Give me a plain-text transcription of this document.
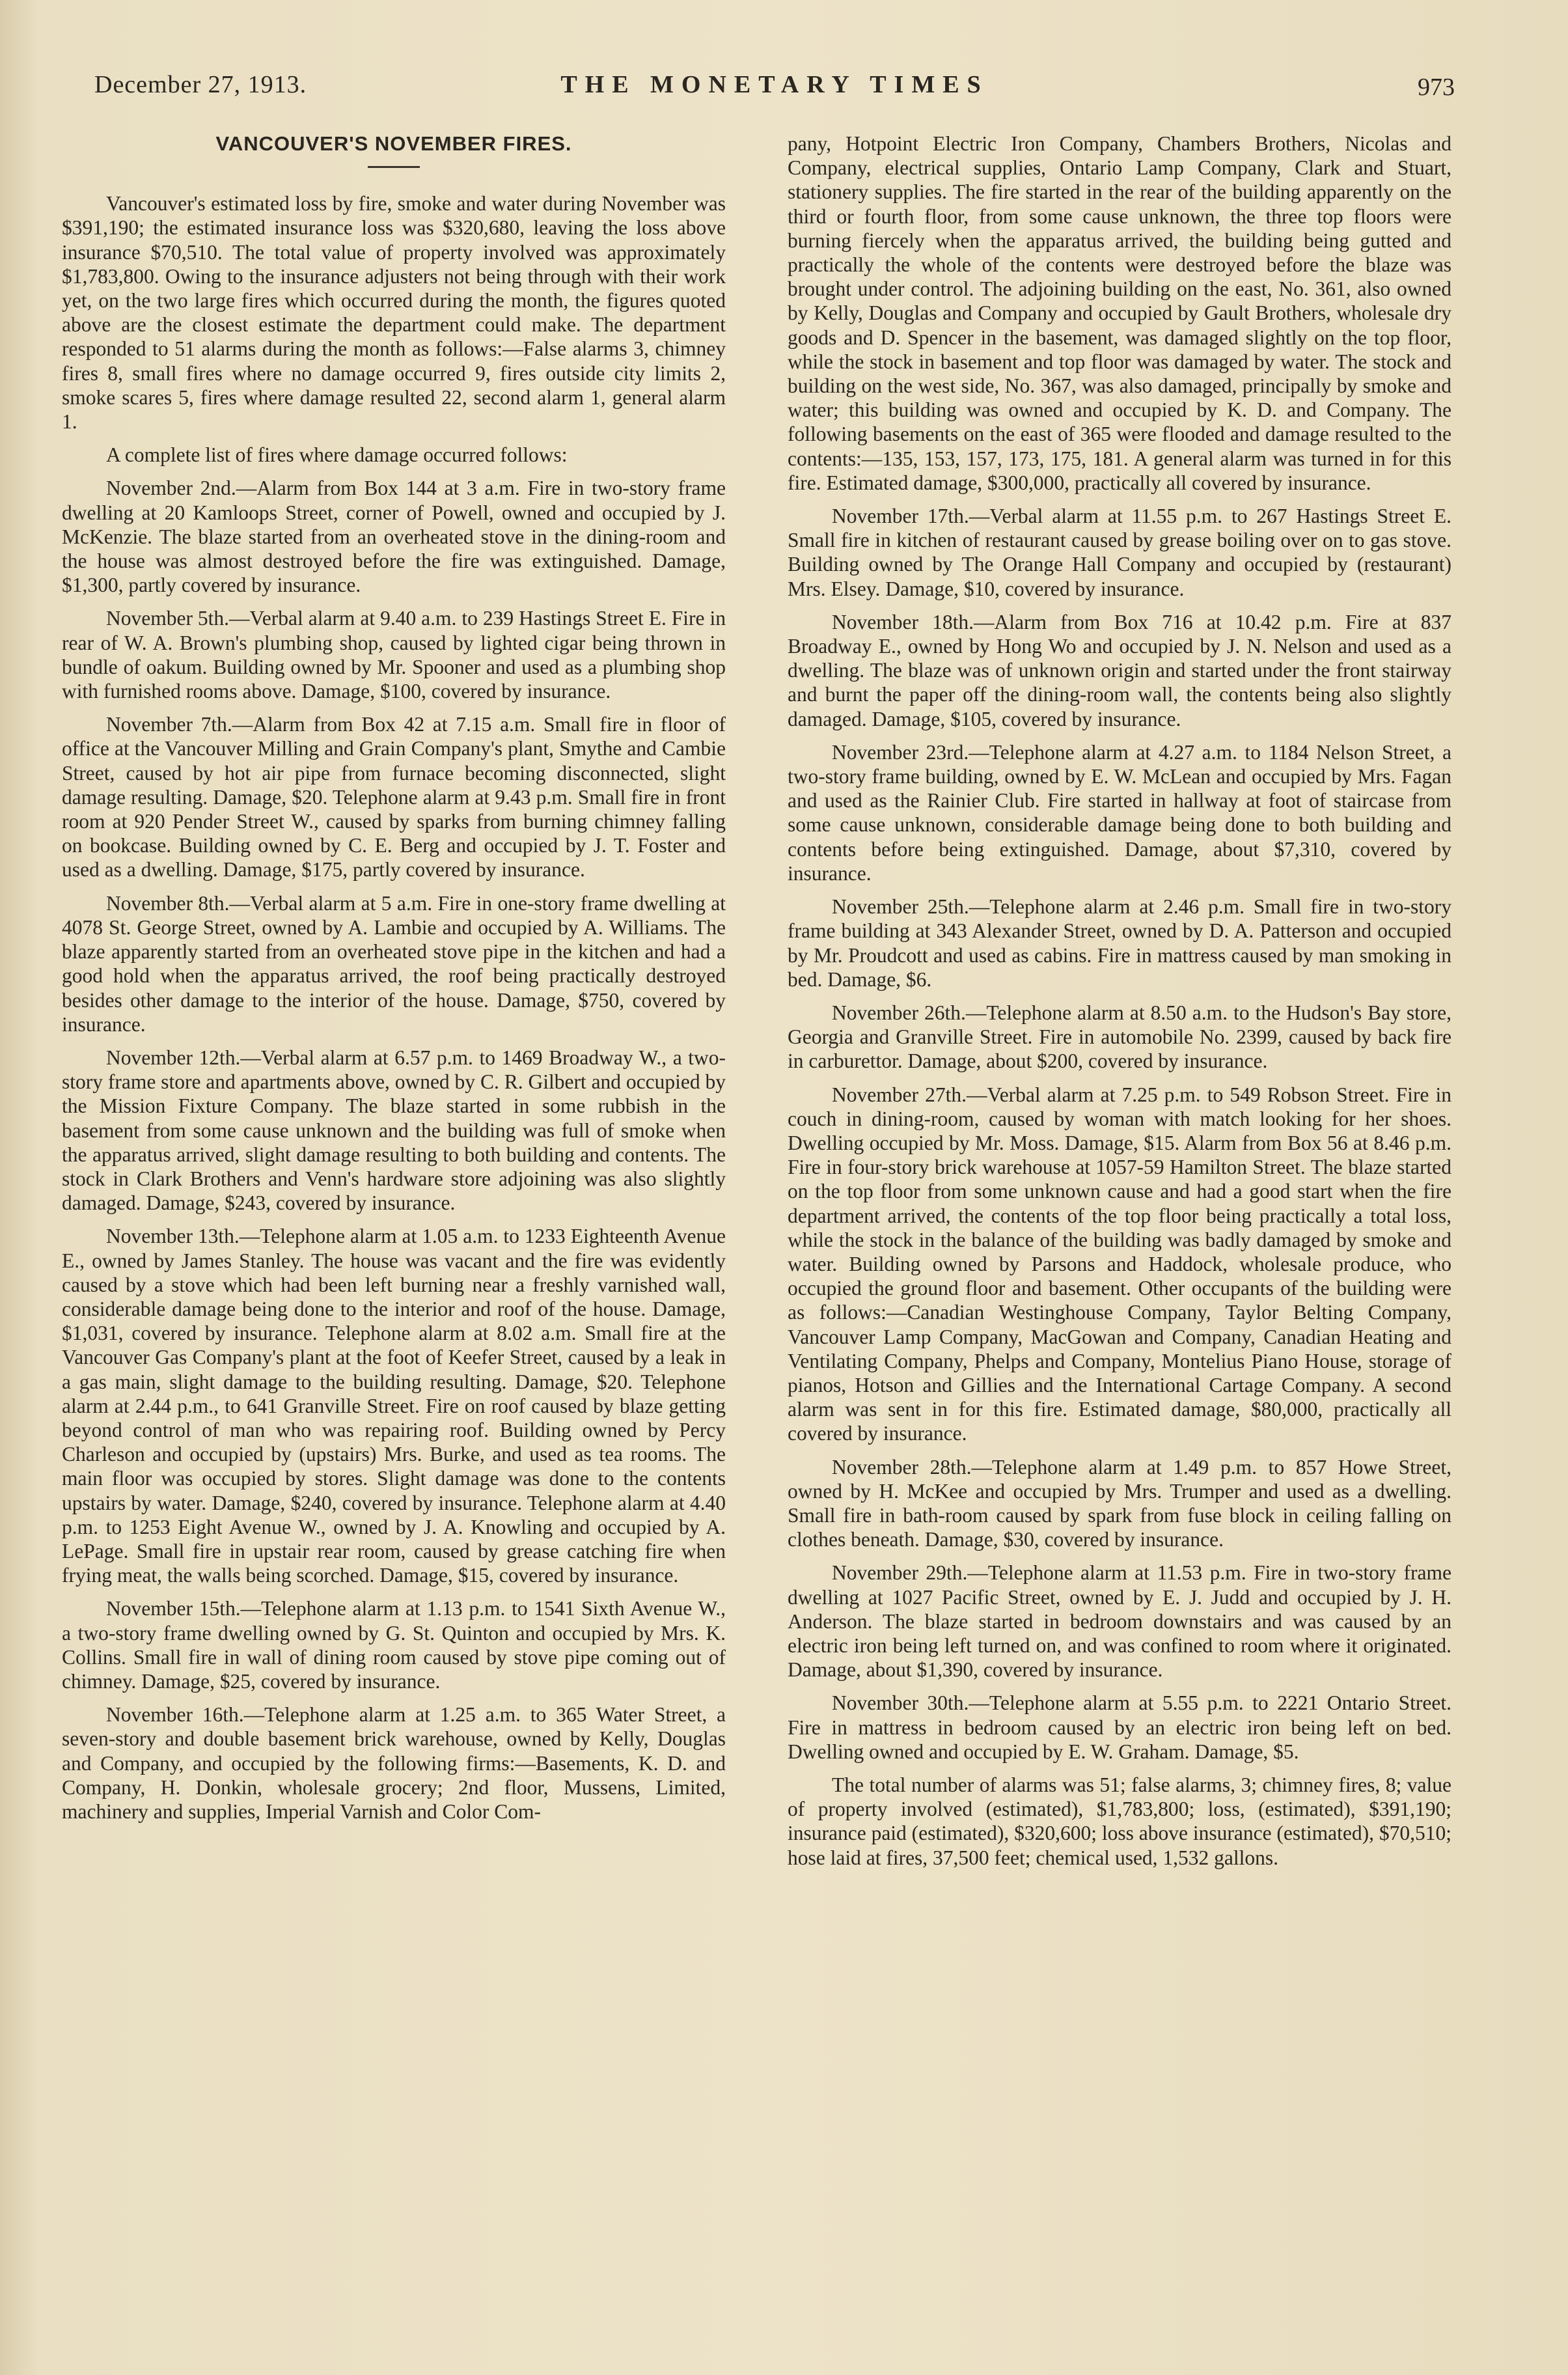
December 27, 1913.	THE MONETARY TIMES	973
VANCOUVER'S NOVEMBER FIRES.

Vancouver's estimated loss by fire, smoke and water during November was $391,190; the estimated insurance loss was $320,680, leaving the loss above insurance $70,510. The total value of property involved was approximately $1,783,800. Owing to the insurance adjusters not being through with their work yet, on the two large fires which occurred during the month, the figures quoted above are the closest estimate the department could make. The department responded to 51 alarms during the month as follows:—False alarms 3, chimney fires 8, small fires where no damage occurred 9, fires outside city limits 2, smoke scares 5, fires where damage resulted 22, second alarm 1, general alarm 1.

A complete list of fires where damage occurred follows:

November 2nd.—Alarm from Box 144 at 3 a.m. Fire in two-story frame dwelling at 20 Kamloops Street, corner of Powell, owned and occupied by J. McKenzie. The blaze started from an overheated stove in the dining-room and the house was almost destroyed before the fire was extinguished. Damage, $1,300, partly covered by insurance.

November 5th.—Verbal alarm at 9.40 a.m. to 239 Hastings Street E. Fire in rear of W. A. Brown's plumbing shop, caused by lighted cigar being thrown in bundle of oakum. Building owned by Mr. Spooner and used as a plumbing shop with furnished rooms above. Damage, $100, covered by insurance.

November 7th.—Alarm from Box 42 at 7.15 a.m. Small fire in floor of office at the Vancouver Milling and Grain Company's plant, Smythe and Cambie Street, caused by hot air pipe from furnace becoming disconnected, slight damage resulting. Damage, $20. Telephone alarm at 9.43 p.m. Small fire in front room at 920 Pender Street W., caused by sparks from burning chimney falling on bookcase. Building owned by C. E. Berg and occupied by J. T. Foster and used as a dwelling. Damage, $175, partly covered by insurance.

November 8th.—Verbal alarm at 5 a.m. Fire in one-story frame dwelling at 4078 St. George Street, owned by A. Lambie and occupied by A. Williams. The blaze apparently started from an overheated stove pipe in the kitchen and had a good hold when the apparatus arrived, the roof being practically destroyed besides other damage to the interior of the house. Damage, $750, covered by insurance.

November 12th.—Verbal alarm at 6.57 p.m. to 1469 Broadway W., a two-story frame store and apartments above, owned by C. R. Gilbert and occupied by the Mission Fixture Company. The blaze started in some rubbish in the basement from some cause unknown and the building was full of smoke when the apparatus arrived, slight damage resulting to both building and contents. The stock in Clark Brothers and Venn's hardware store adjoining was also slightly damaged. Damage, $243, covered by insurance.

November 13th.—Telephone alarm at 1.05 a.m. to 1233 Eighteenth Avenue E., owned by James Stanley. The house was vacant and the fire was evidently caused by a stove which had been left burning near a freshly varnished wall, considerable damage being done to the interior and roof of the house. Damage, $1,031, covered by insurance. Telephone alarm at 8.02 a.m. Small fire at the Vancouver Gas Company's plant at the foot of Keefer Street, caused by a leak in a gas main, slight damage to the building resulting. Damage, $20. Telephone alarm at 2.44 p.m., to 641 Granville Street. Fire on roof caused by blaze getting beyond control of man who was repairing roof. Building owned by Percy Charleson and occupied by (upstairs) Mrs. Burke, and used as tea rooms. The main floor was occupied by stores. Slight damage was done to the contents upstairs by water. Damage, $240, covered by insurance. Telephone alarm at 4.40 p.m. to 1253 Eight Avenue W., owned by J. A. Knowling and occupied by A. LePage. Small fire in upstair rear room, caused by grease catching fire when frying meat, the walls being scorched. Damage, $15, covered by insurance.

November 15th.—Telephone alarm at 1.13 p.m. to 1541 Sixth Avenue W., a two-story frame dwelling owned by G. St. Quinton and occupied by Mrs. K. Collins. Small fire in wall of dining room caused by stove pipe coming out of chimney. Damage, $25, covered by insurance.

November 16th.—Telephone alarm at 1.25 a.m. to 365 Water Street, a seven-story and double basement brick warehouse, owned by Kelly, Douglas and Company, and occupied by the following firms:—Basements, K. D. and Company, H. Donkin, wholesale grocery; 2nd floor, Mussens, Limited, machinery and supplies, Imperial Varnish and Color Com-

pany, Hotpoint Electric Iron Company, Chambers Brothers, Nicolas and Company, electrical supplies, Ontario Lamp Company, Clark and Stuart, stationery supplies. The fire started in the rear of the building apparently on the third or fourth floor, from some cause unknown, the three top floors were burning fiercely when the apparatus arrived, the building being gutted and practically the whole of the contents were destroyed before the blaze was brought under control. The adjoining building on the east, No. 361, also owned by Kelly, Douglas and Company and occupied by Gault Brothers, wholesale dry goods and D. Spencer in the basement, was damaged slightly on the top floor, while the stock in basement and top floor was damaged by water. The stock and building on the west side, No. 367, was also damaged, principally by smoke and water; this building was owned and occupied by K. D. and Company. The following basements on the east of 365 were flooded and damage resulted to the contents:—135, 153, 157, 173, 175, 181. A general alarm was turned in for this fire. Estimated damage, $300,000, practically all covered by insurance.

November 17th.—Verbal alarm at 11.55 p.m. to 267 Hastings Street E. Small fire in kitchen of restaurant caused by grease boiling over on to gas stove. Building owned by The Orange Hall Company and occupied by (restaurant) Mrs. Elsey. Damage, $10, covered by insurance.

November 18th.—Alarm from Box 716 at 10.42 p.m. Fire at 837 Broadway E., owned by Hong Wo and occupied by J. N. Nelson and used as a dwelling. The blaze was of unknown origin and started under the front stairway and burnt the paper off the dining-room wall, the contents being also slightly damaged. Damage, $105, covered by insurance.

November 23rd.—Telephone alarm at 4.27 a.m. to 1184 Nelson Street, a two-story frame building, owned by E. W. McLean and occupied by Mrs. Fagan and used as the Rainier Club. Fire started in hallway at foot of staircase from some cause unknown, considerable damage being done to both building and contents before being extinguished. Damage, about $7,310, covered by insurance.

November 25th.—Telephone alarm at 2.46 p.m. Small fire in two-story frame building at 343 Alexander Street, owned by D. A. Patterson and occupied by Mr. Proudcott and used as cabins. Fire in mattress caused by man smoking in bed. Damage, $6.

November 26th.—Telephone alarm at 8.50 a.m. to the Hudson's Bay store, Georgia and Granville Street. Fire in automobile No. 2399, caused by back fire in carburettor. Damage, about $200, covered by insurance.

November 27th.—Verbal alarm at 7.25 p.m. to 549 Robson Street. Fire in couch in dining-room, caused by woman with match looking for her shoes. Dwelling occupied by Mr. Moss. Damage, $15. Alarm from Box 56 at 8.46 p.m. Fire in four-story brick warehouse at 1057-59 Hamilton Street. The blaze started on the top floor from some unknown cause and had a good start when the fire department arrived, the contents of the top floor being practically a total loss, while the stock in the balance of the building was badly damaged by smoke and water. Building owned by Parsons and Haddock, wholesale produce, who occupied the ground floor and basement. Other occupants of the building were as follows:—Canadian Westinghouse Company, Taylor Belting Company, Vancouver Lamp Company, MacGowan and Company, Canadian Heating and Ventilating Company, Phelps and Company, Montelius Piano House, storage of pianos, Hotson and Gillies and the International Cartage Company. A second alarm was sent in for this fire. Estimated damage, $80,000, practically all covered by insurance.

November 28th.—Telephone alarm at 1.49 p.m. to 857 Howe Street, owned by H. McKee and occupied by Mrs. Trumper and used as a dwelling. Small fire in bath-room caused by spark from fuse block in ceiling falling on clothes beneath. Damage, $30, covered by insurance.

November 29th.—Telephone alarm at 11.53 p.m. Fire in two-story frame dwelling at 1027 Pacific Street, owned by E. J. Judd and occupied by J. H. Anderson. The blaze started in bedroom downstairs and was caused by an electric iron being left turned on, and was confined to room where it originated. Damage, about $1,390, covered by insurance.

November 30th.—Telephone alarm at 5.55 p.m. to 2221 Ontario Street. Fire in mattress in bedroom caused by an electric iron being left on bed. Dwelling owned and occupied by E. W. Graham. Damage, $5.

The total number of alarms was 51; false alarms, 3; chimney fires, 8; value of property involved (estimated), $1,783,800; loss, (estimated), $391,190; insurance paid (estimated), $320,600; loss above insurance (estimated), $70,510; hose laid at fires, 37,500 feet; chemical used, 1,532 gallons.
